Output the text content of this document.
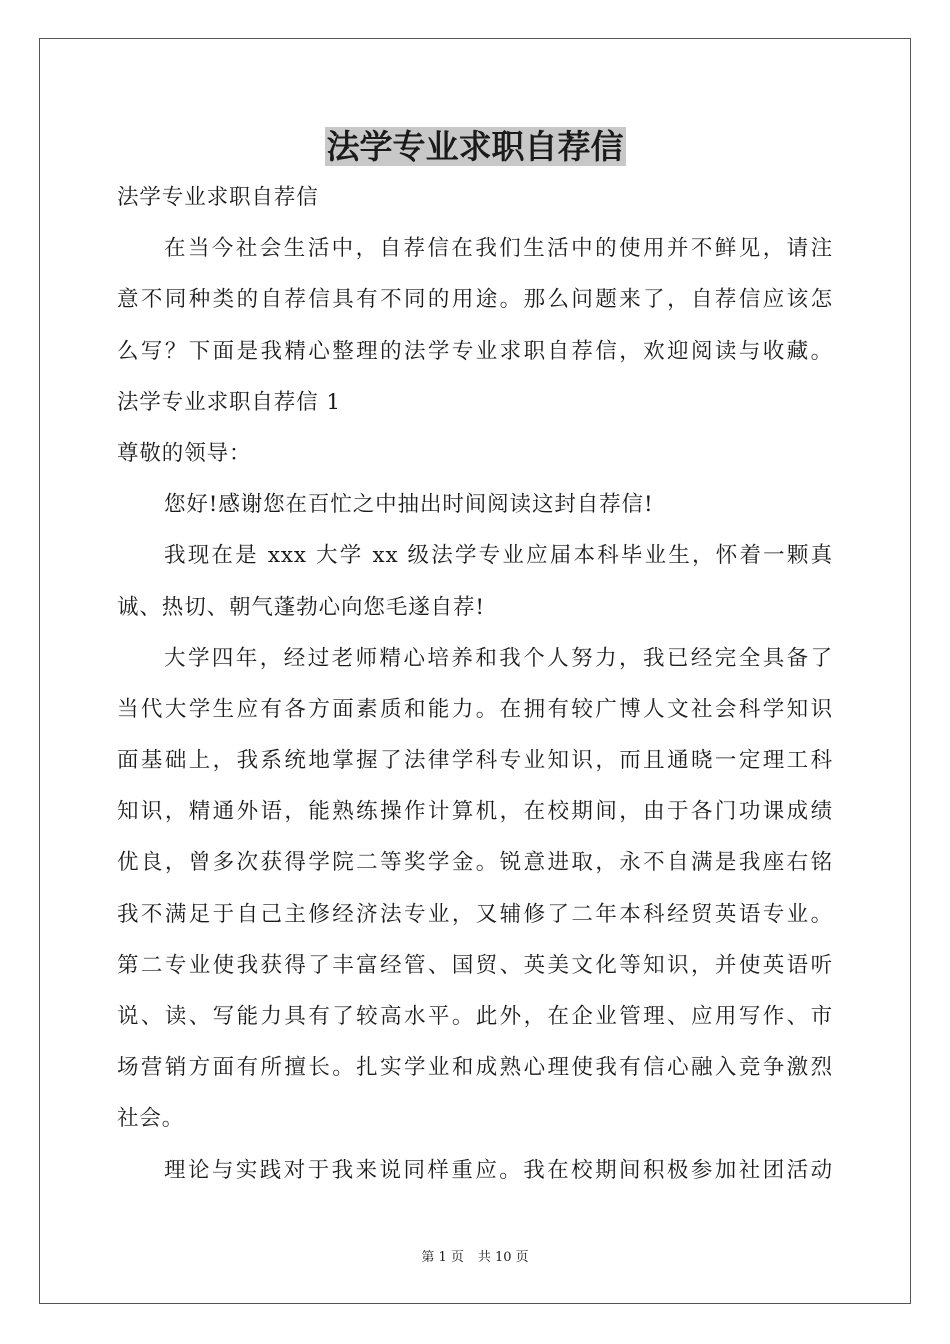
法学专业求职自荐信
法学专业求职自荐信
在当今社会生活中，自荐信在我们生活中的使用并不鲜见，请注
意不同种类的自荐信具有不同的用途。那么问题来了，自荐信应该怎
么写？下面是我精心整理的法学专业求职自荐信，欢迎阅读与收藏。
法学专业求职自荐信 1
尊敬的领导：
您好!感谢您在百忙之中抽出时间阅读这封自荐信!
我现在是 xxx 大学 xx 级法学专业应届本科毕业生，怀着一颗真
诚、热切、朝气蓬勃心向您毛遂自荐!
大学四年，经过老师精心培养和我个人努力，我已经完全具备了
当代大学生应有各方面素质和能力。在拥有较广博人文社会科学知识
面基础上，我系统地掌握了法律学科专业知识，而且通晓一定理工科
知识，精通外语，能熟练操作计算机，在校期间，由于各门功课成绩
优良，曾多次获得学院二等奖学金。锐意进取，永不自满是我座右铭
我不满足于自己主修经济法专业，又辅修了二年本科经贸英语专业。
第二专业使我获得了丰富经管、国贸、英美文化等知识，并使英语听
说、读、写能力具有了较高水平。此外，在企业管理、应用写作、市
场营销方面有所擅长。扎实学业和成熟心理使我有信心融入竞争激烈
社会。
理论与实践对于我来说同样重应。我在校期间积极参加社团活动
第 1 页 共 10 页
